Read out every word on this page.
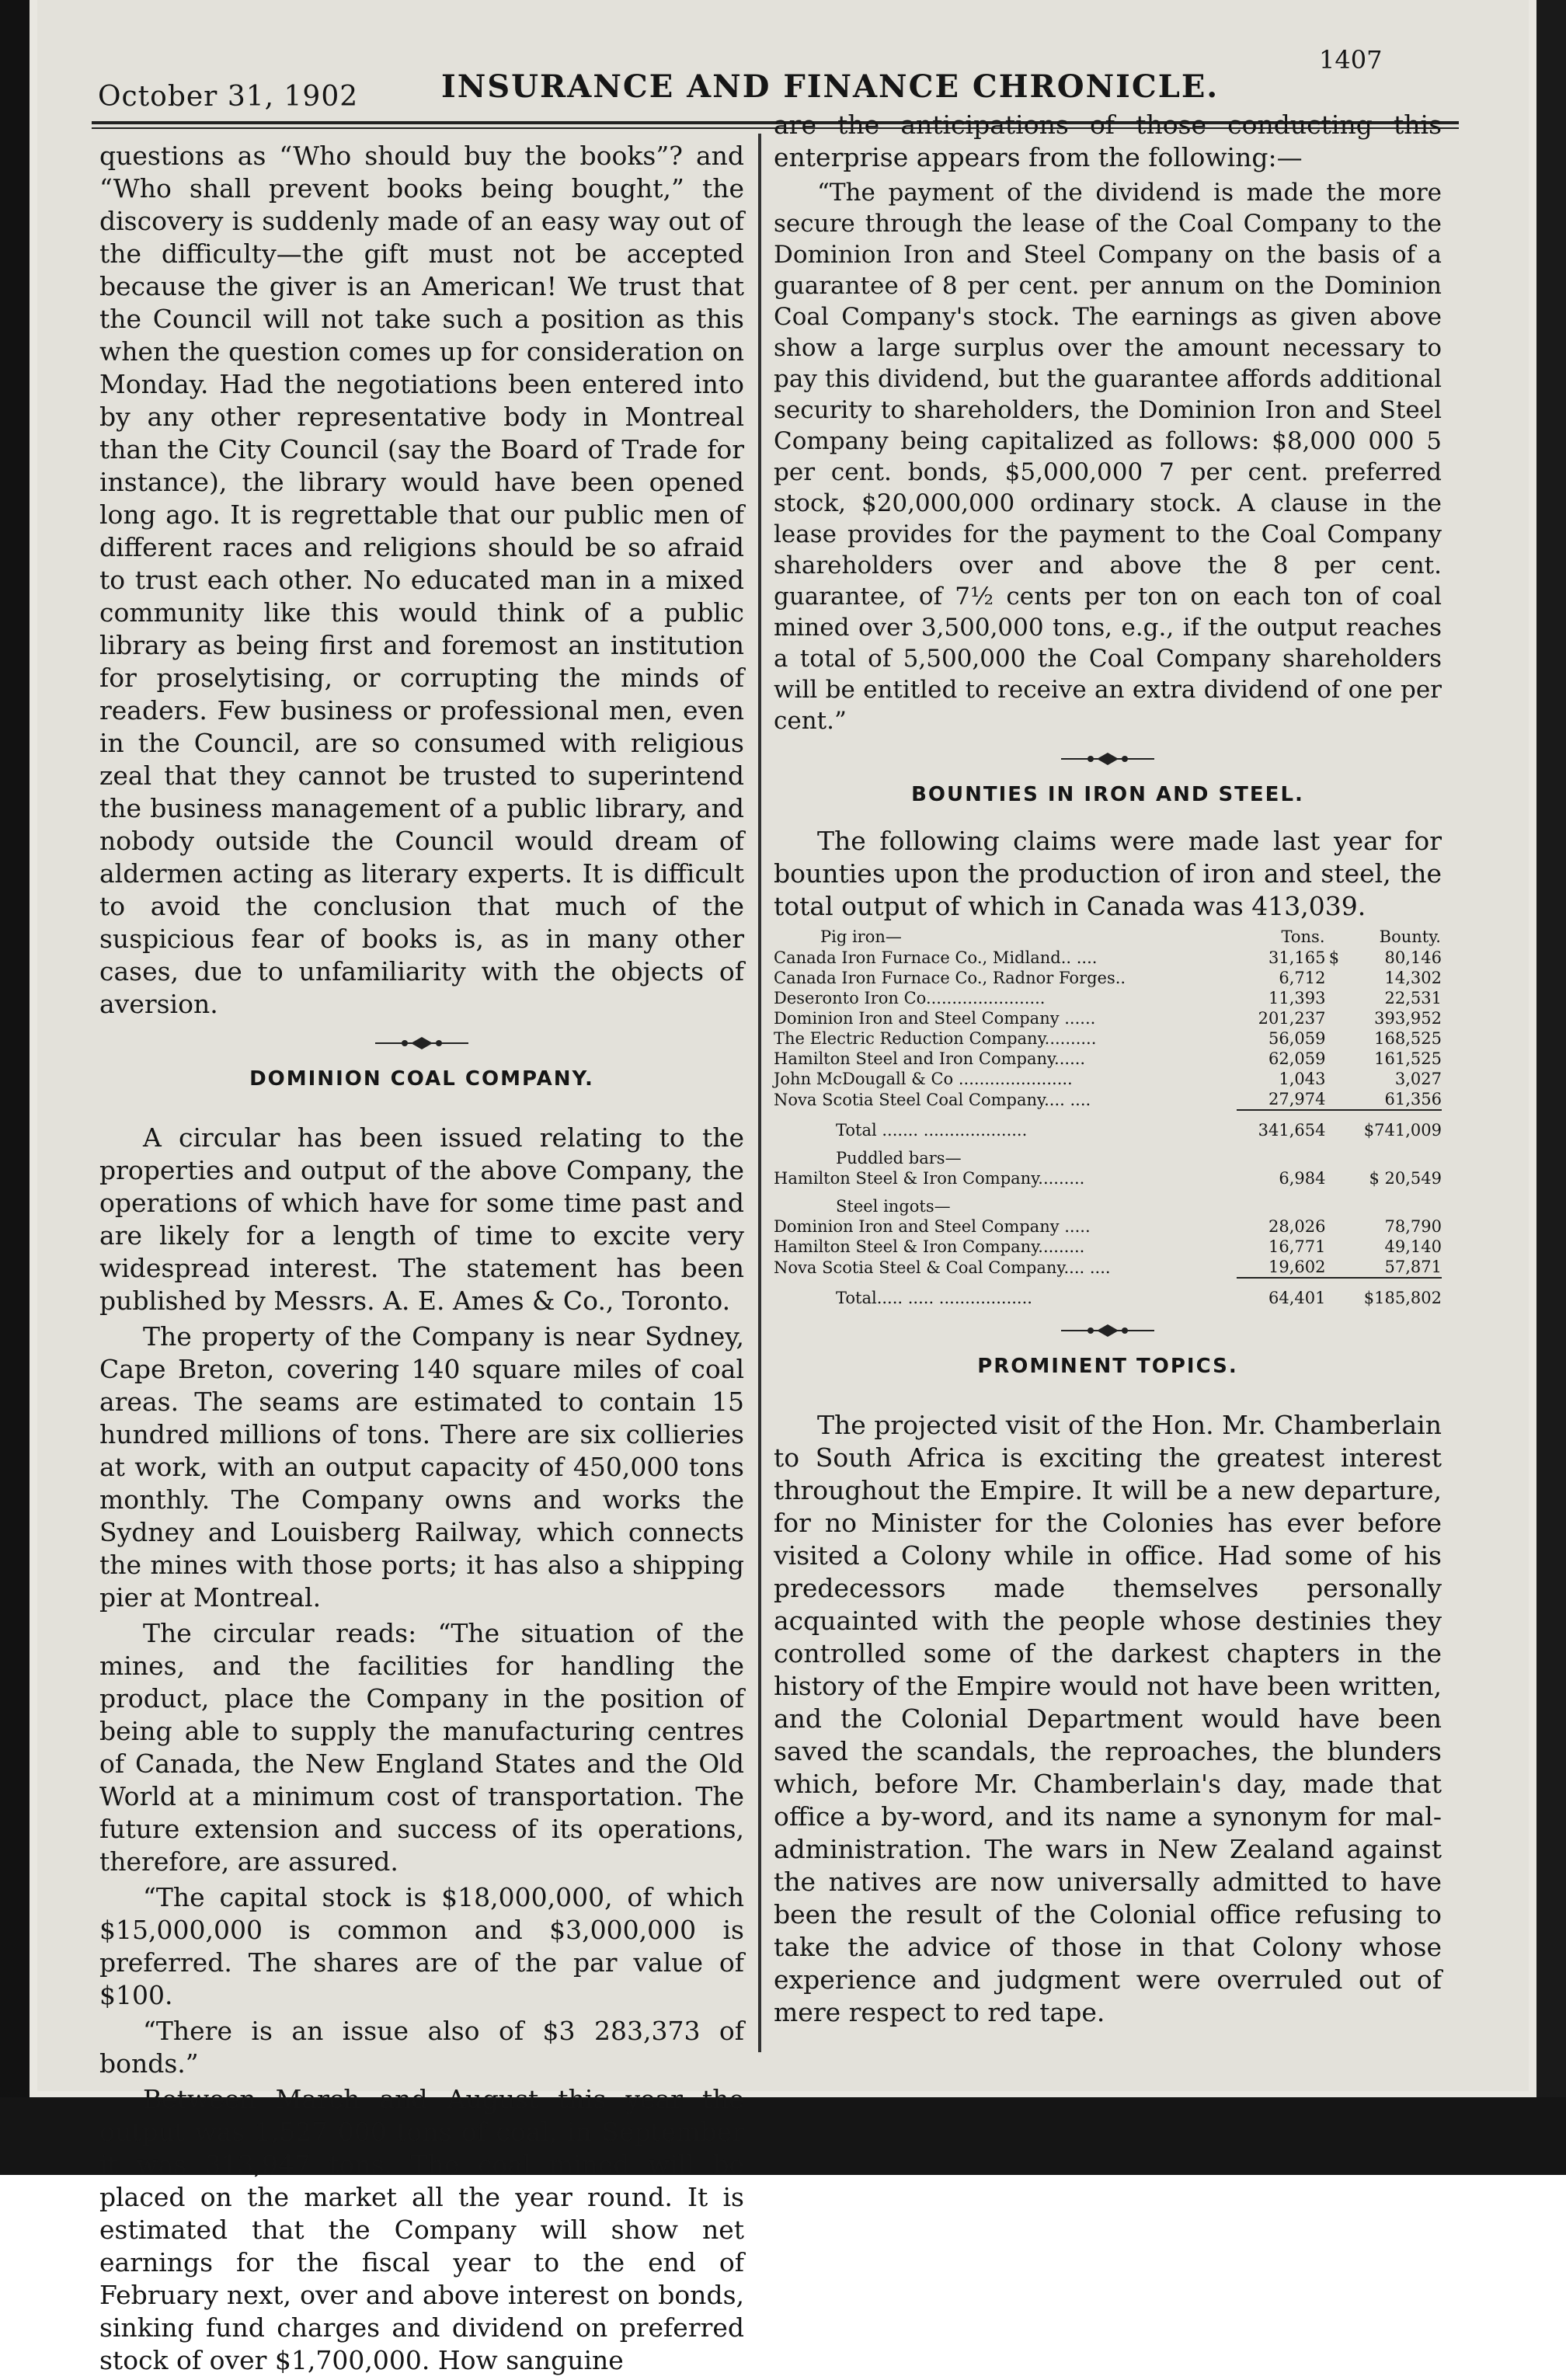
October 31, 1902	INSURANCE AND FINANCE CHRONICLE.
1407

questions as “Who should buy the books”? and “Who shall prevent books being bought,” the discovery is suddenly made of an easy way out of the difficulty—the gift must not be accepted because the giver is an American! We trust that the Council will not take such a position as this when the question comes up for consideration on Monday. Had the negotiations been entered into by any other representative body in Montreal than the City Council (say the Board of Trade for instance), the library would have been opened long ago. It is regrettable that our public men of different races and religions should be so afraid to trust each other. No educated man in a mixed community like this would think of a public library as being first and foremost an institution for proselytising, or corrupting the minds of readers. Few business or professional men, even in the Council, are so consumed with religious zeal that they cannot be trusted to superintend the business management of a public library, and nobody outside the Council would dream of aldermen acting as literary experts. It is difficult to avoid the conclusion that much of the suspicious fear of books is, as in many other cases, due to unfamiliarity with the objects of aversion.

DOMINION COAL COMPANY.

A circular has been issued relating to the properties and output of the above Company, the operations of which have for some time past and are likely for a length of time to excite very widespread interest. The statement has been published by Messrs. A. E. Ames & Co., Toronto.

The property of the Company is near Sydney, Cape Breton, covering 140 square miles of coal areas. The seams are estimated to contain 15 hundred millions of tons. There are six collieries at work, with an output capacity of 450,000 tons monthly. The Company owns and works the Sydney and Louisberg Railway, which connects the mines with those ports; it has also a shipping pier at Montreal.

The circular reads: “The situation of the mines, and the facilities for handling the product, place the Company in the position of being able to supply the manufacturing centres of Canada, the New England States and the Old World at a minimum cost of transportation. The future extension and success of its operations, therefore, are assured.

“The capital stock is $18,000,000, of which $15,000,000 is common and $3,000,000 is preferred. The shares are of the par value of $100.

“There is an issue also of $3 283,373 of bonds.”

Between March and August this year the output was 1,527 000 tons of coal, in September it was 313,947 tons. The coal mined will be placed on the market all the year round. It is estimated that the Company will show net earnings for the fiscal year to the end of February next, over and above interest on bonds, sinking fund charges and dividend on preferred stock of over $1,700,000. How sanguine

are the anticipations of those conducting this enterprise appears from the following:—

“The payment of the dividend is made the more secure through the lease of the Coal Company to the Dominion Iron and Steel Company on the basis of a guarantee of 8 per cent. per annum on the Dominion Coal Company's stock. The earnings as given above show a large surplus over the amount necessary to pay this dividend, but the guarantee affords additional security to shareholders, the Dominion Iron and Steel Company being capitalized as follows: $8,000 000 5 per cent. bonds, $5,000,000 7 per cent. preferred stock, $20,000,000 ordinary stock. A clause in the lease provides for the payment to the Coal Company shareholders over and above the 8 per cent. guarantee, of 7½ cents per ton on each ton of coal mined over 3,500,000 tons, e.g., if the output reaches a total of 5,500,000 the Coal Company shareholders will be entitled to receive an extra dividend of one per cent.”

BOUNTIES IN IRON AND STEEL.

The following claims were made last year for bounties upon the production of iron and steel, the total output of which in Canada was 413,039.

Pig iron—	Tons.		Bounty.
Canada Iron Furnace Co., Midland.. ....	31,165	$	80,146
Canada Iron Furnace Co., Radnor Forges..	6,712		14,302
Deseronto Iron Co.......................	11,393		22,531
Dominion Iron and Steel Company ......	201,237		393,952
The Electric Reduction Company..........	56,059		168,525
Hamilton Steel and Iron Company......	62,059		161,525
John McDougall & Co ......................	1,043		3,027
Nova Scotia Steel Coal Company.... ....	27,974		61,356
Total ....... ....................	341,654		$741,009
Puddled bars—			
Hamilton Steel & Iron Company.........	6,984		$ 20,549
Steel ingots—			
Dominion Iron and Steel Company .....	28,026		78,790
Hamilton Steel & Iron Company.........	16,771		49,140
Nova Scotia Steel & Coal Company.... ....	19,602		57,871
Total..... ..... ..................	64,401		$185,802
PROMINENT TOPICS.

The projected visit of the Hon. Mr. Chamberlain to South Africa is exciting the greatest interest throughout the Empire. It will be a new departure, for no Minister for the Colonies has ever before visited a Colony while in office. Had some of his predecessors made themselves personally acquainted with the people whose destinies they controlled some of the darkest chapters in the history of the Empire would not have been written, and the Colonial Department would have been saved the scandals, the reproaches, the blunders which, before Mr. Chamberlain's day, made that office a by-word, and its name a synonym for mal-administration. The wars in New Zealand against the natives are now universally admitted to have been the result of the Colonial office refusing to take the advice of those in that Colony whose experience and judgment were overruled out of mere respect to red tape.
